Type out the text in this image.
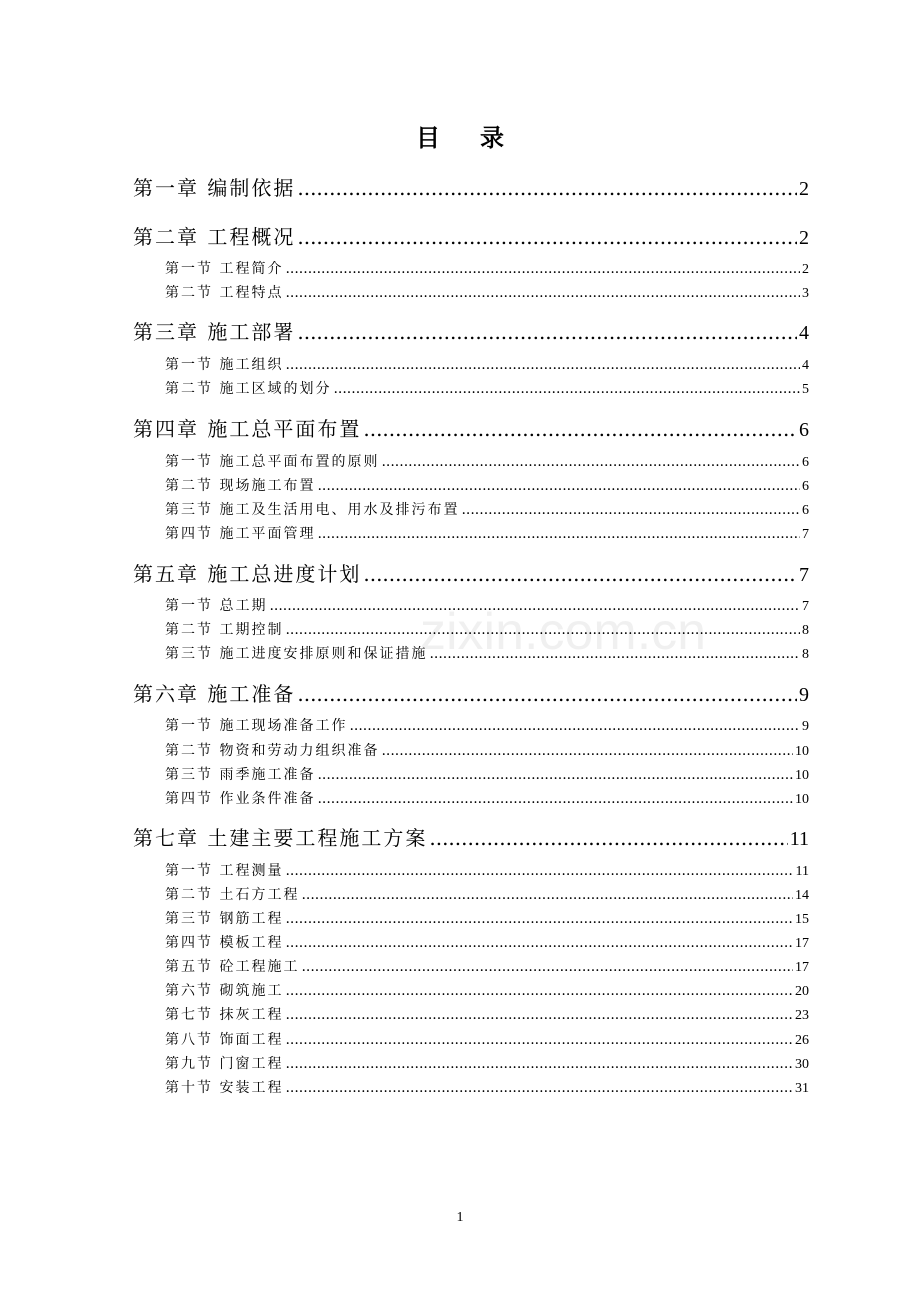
目 录
第一章 编制依据 .....	2
第二章 工程概况 .....	2
第一节 工程简介 .....	2
第二节 工程特点 .....	3
第三章 施工部署 .....	4
第一节 施工组织 .....	4
第二节 施工区域的划分 .....	5
第四章 施工总平面布置 .....	6
第一节 施工总平面布置的原则 .....	6
第二节 现场施工布置 .....	6
第三节 施工及生活用电、用水及排污布置 .....	6
第四节 施工平面管理 .....	7
第五章 施工总进度计划 .....	7
第一节 总工期 .....	7
第二节 工期控制 .....	8
第三节 施工进度安排原则和保证措施 .....	8
第六章 施工准备 .....	9
第一节 施工现场准备工作 .....	9
第二节 物资和劳动力组织准备 .....	10
第三节 雨季施工准备 .....	10
第四节 作业条件准备 .....	10
第七章 土建主要工程施工方案 .....	11
第一节 工程测量 .....	11
第二节 土石方工程 .....	14
第三节 钢筋工程 .....	15
第四节 模板工程 .....	17
第五节 砼工程施工 .....	17
第六节 砌筑施工 .....	20
第七节 抹灰工程 .....	23
第八节 饰面工程 .....	26
第九节 门窗工程 .....	30
第十节 安装工程 .....	31
zixin.com.cn
1
